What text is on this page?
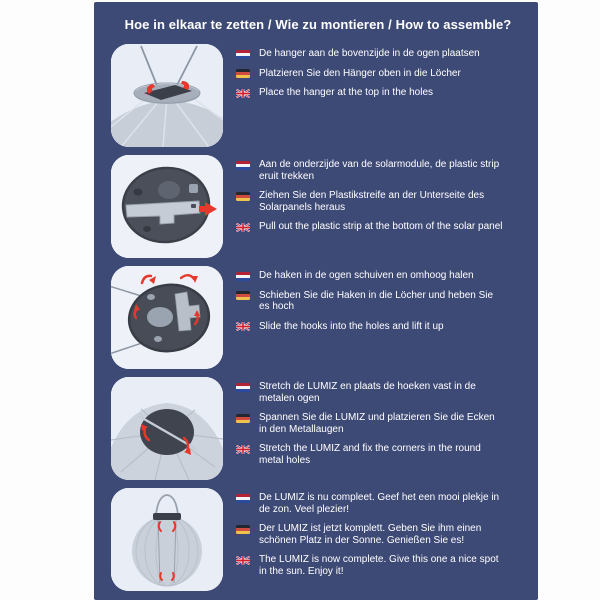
Hoe in elkaar te zetten / Wie zu montieren / How to assemble?
De hanger aan de bovenzijde in de ogen plaatsen
Platzieren Sie den Hänger oben in die Löcher
Place the hanger at the top in the holes
Aan de onderzijde van de solarmodule, de plastic strip eruit trekken
Ziehen Sie den Plastikstreife an der Unterseite des Solarpanels heraus
Pull out the plastic strip at the bottom of the solar panel
De haken in de ogen schuiven en omhoog halen
Schieben Sie die Haken in die Löcher und heben Sie es hoch
Slide the hooks into the holes and lift it up
Stretch de LUMIZ en plaats de hoeken vast in de metalen ogen
Spannen Sie die LUMIZ und platzieren Sie die Ecken in den Metallaugen
Stretch the LUMIZ and fix the corners in the round metal holes
De LUMIZ is nu compleet. Geef het een mooi plekje in de zon. Veel plezier!
Der LUMIZ ist jetzt komplett. Geben Sie ihm einen schönen Platz in der Sonne. Genießen Sie es!
The LUMIZ is now complete. Give this one a nice spot in the sun. Enjoy it!
